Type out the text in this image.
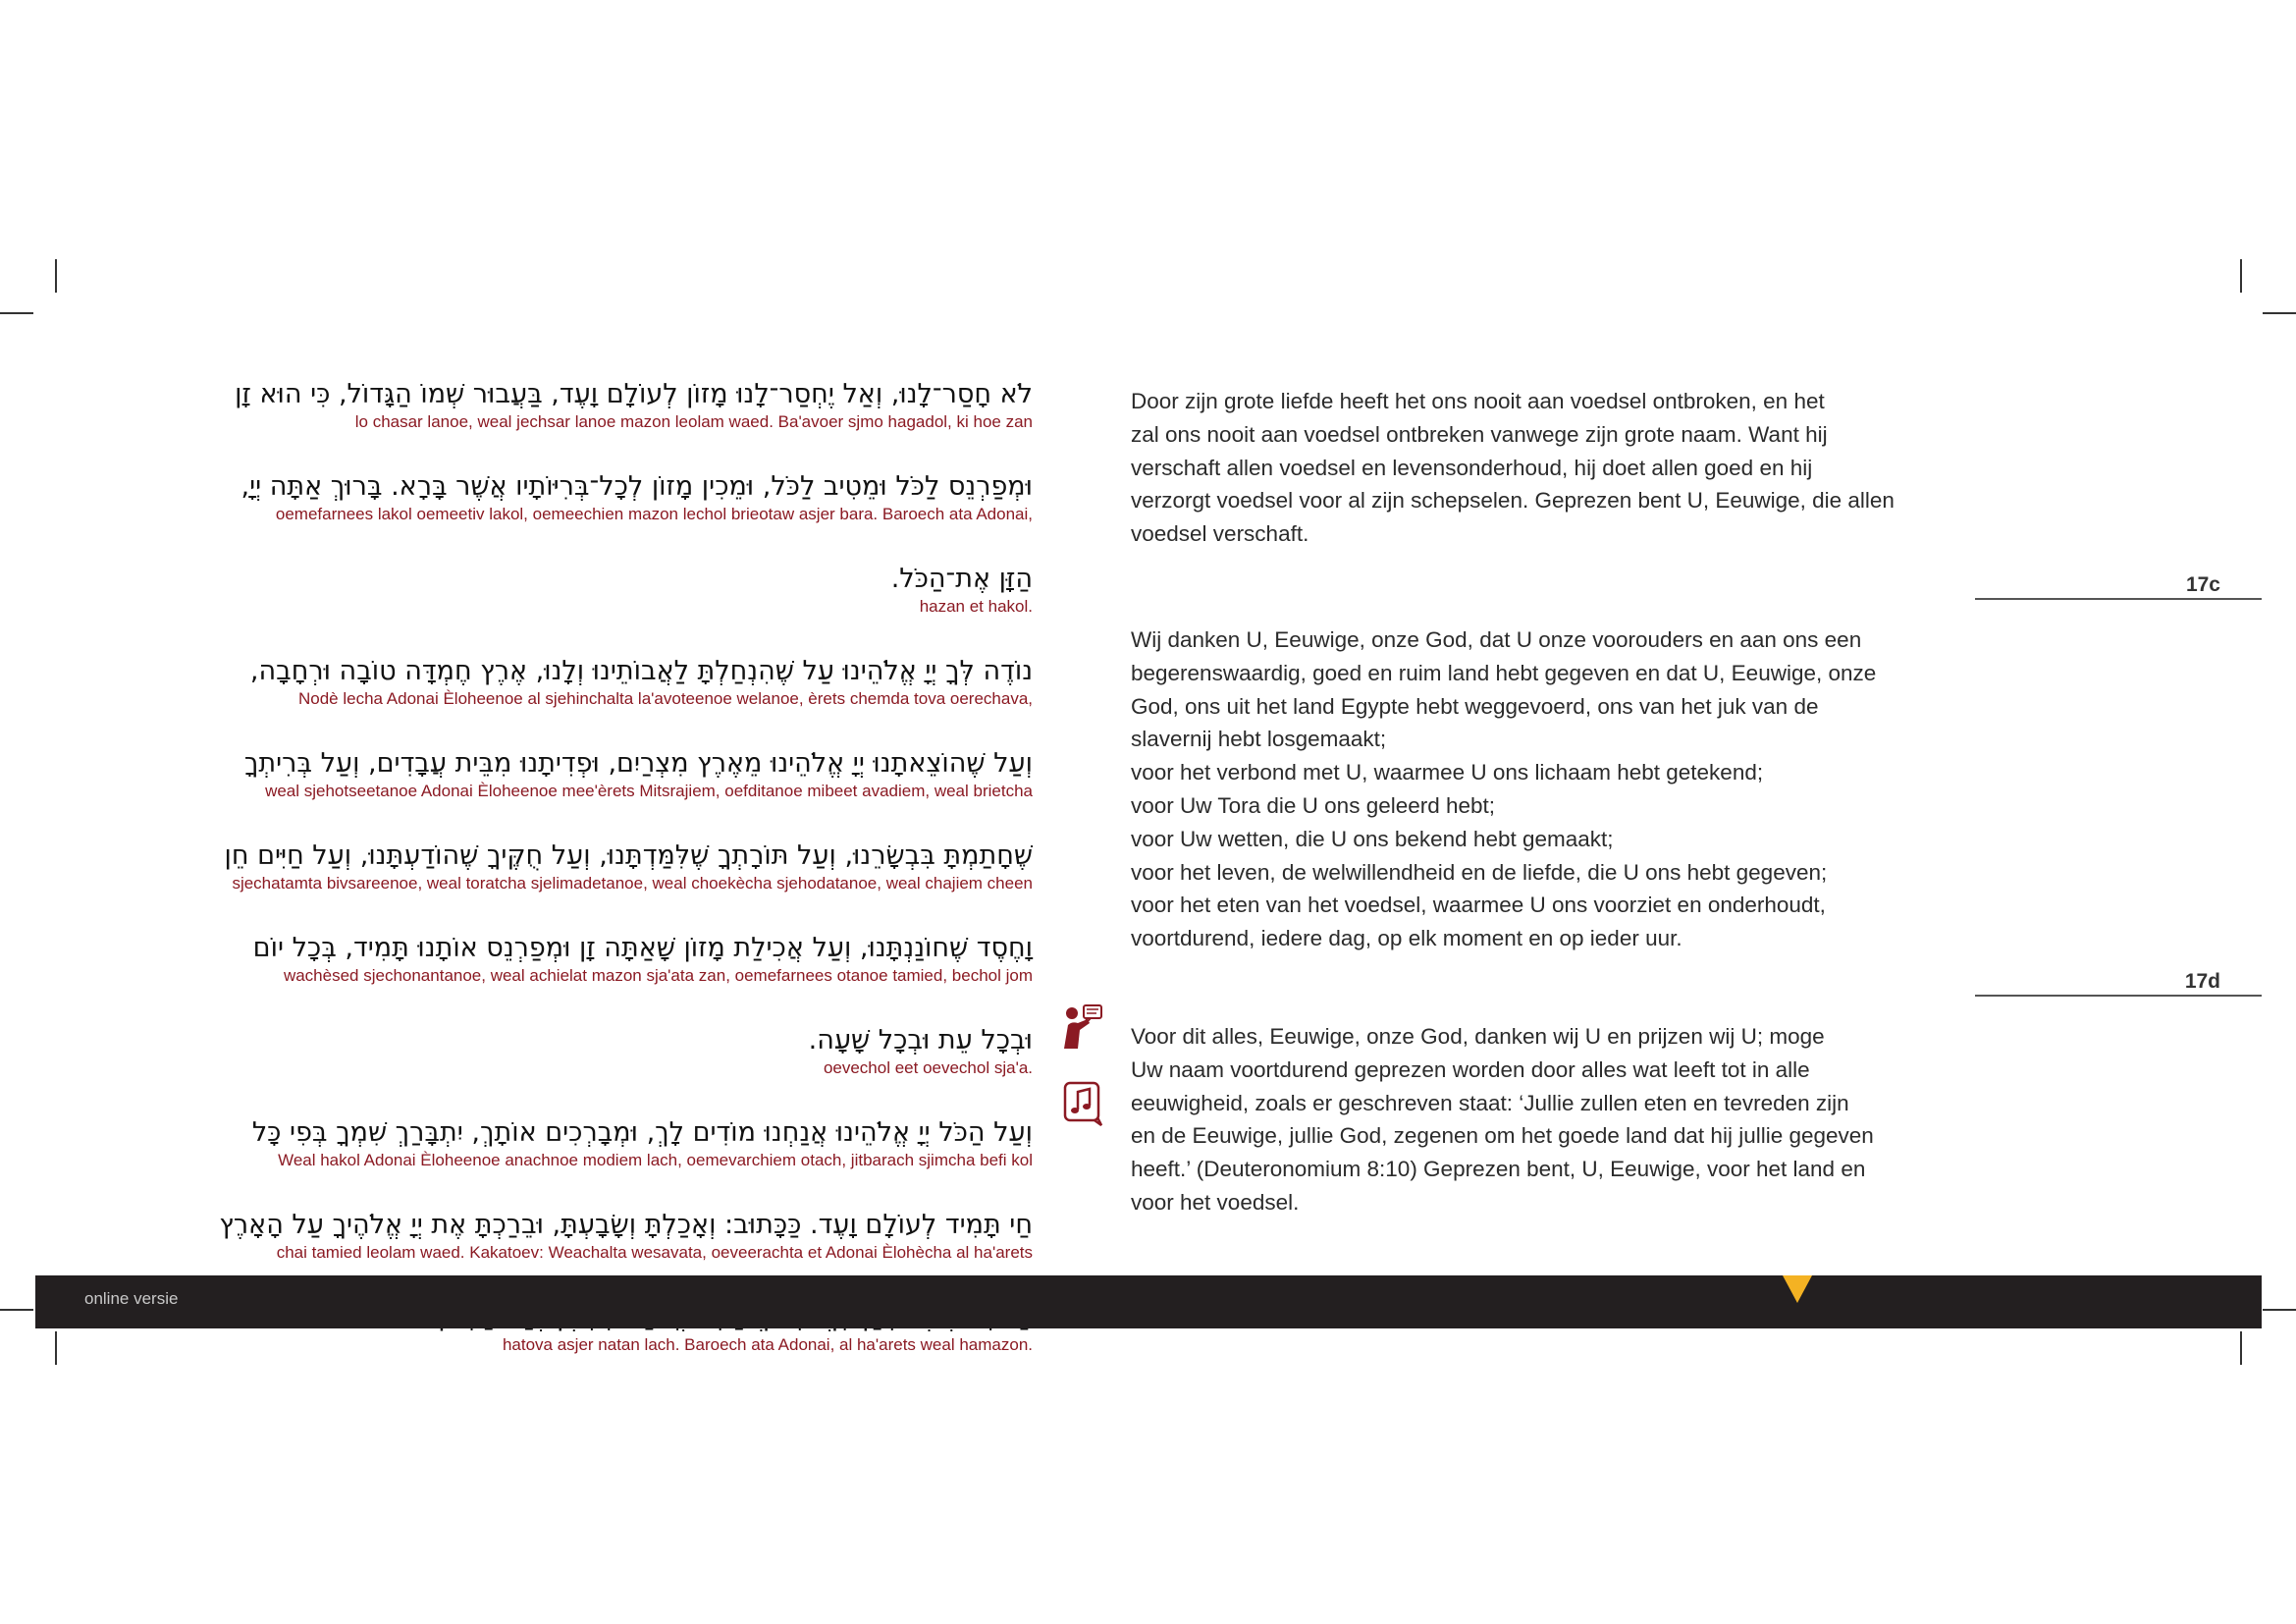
לֹא חָסַר־לָנוּ, וְאַל יֶחְסַר־לָנוּ מָזוֹן לְעוֹלָם וָעֶד, בַּעֲבוּר שְׁמוֹ הַגָּדוֹל, כִּי הוּא זָן
lo chasar lanoe, weal jechsar lanoe mazon leolam waed. Ba'avoer sjmo hagadol, ki hoe zan
וּמְפַרְנֵס לַכֹּל וּמֵטִיב לַכֹּל, וּמֵכִין מָזוֹן לְכָל־בְּרִיּוֹתָיו אֲשֶׁר בָּרָא. בָּרוּךְ אַתָּה יְיָ,
oemefarnees lakol oemeetiv lakol, oemeechien mazon lechol brieotaw asjer bara. Baroech ata Adonai,
הַזָּן אֶת־הַכֹּל.
hazan et hakol.
נוֹדֶה לְּךָ יְיָ אֱלֹהֵינוּ עַל שֶׁהִנְחַלְתָּ לַאֲבוֹתֵינוּ וְלָנוּ, אֶרֶץ חֶמְדָּה טוֹבָה וּרְחָבָה,
Nodè lecha Adonai Èloheenoe al sjehinchalta la'avoteenoe welanoe, èrets chemda tova oerechava,
וְעַל שֶׁהוֹצֵאתָנוּ יְיָ אֱלֹהֵינוּ מֵאֶרֶץ מִצְרַיִם, וּפְדִיתָנוּ מִבֵּית עֲבָדִים, וְעַל בְּרִיתְךָ
weal sjehotseetanoe Adonai Èloheenoe mee'èrets Mitsrajiem, oefditanoe mibeet avadiem, weal brietcha
שֶׁחָתַמְתָּ בִּבְשָׂרֵנוּ, וְעַל תּוֹרָתְךָ שֶׁלִּמַּדְתָּנוּ, וְעַל חֻקֶּיךָ שֶׁהוֹדַעְתָּנוּ, וְעַל חַיִּים חֵן
sjechatamta bivsareenoe, weal toratcha sjelimadetanoe, weal choekècha sjehodatanoe, weal chajiem cheen
וָחֶסֶד שֶׁחוֹנַנְתָּנוּ, וְעַל אֲכִילַת מָזוֹן שָׁאַתָּה זָן וּמְפַרְנֵס אוֹתָנוּ תָּמִיד, בְּכָל יוֹם
wachèsed sjechonantanoe, weal achielat mazon sja'ata zan, oemefarnees otanoe tamied, bechol jom
וּבְכָל עֵת וּבְכָל שָׁעָה.
oevechol eet oevechol sja'a.
וְעַל הַכֹּל יְיָ אֱלֹהֵינוּ אֲנַחְנוּ מוֹדִים לָךְ, וּמְבָרְכִים אוֹתָךְ, יִתְבָּרַךְ שִׁמְךָ בְּפִי כָּל
Weal hakol Adonai Èloheenoe anachnoe modiem lach, oemevarchiem otach, jitbarach sjimcha befi kol
חַי תָּמִיד לְעוֹלָם וָעֶד. כַּכָּתוּב: וְאָכַלְתָּ וְשָׂבָעְתָּ, וּבֵרַכְתָּ אֶת יְיָ אֱלֹהֶיךָ עַל הָאָרֶץ
chai tamied leolam waed. Kakatoev: Weachalta wesavata, oeveerachta et Adonai Èlohècha al ha'arets
hatova asjer natan lach. Baroech ata Adonai, al ha'arets weal hamazon.
Door zijn grote liefde heeft het ons nooit aan voedsel ontbroken, en het
zal ons nooit aan voedsel ontbreken vanwege zijn grote naam. Want hij
verschaft allen voedsel en levensonderhoud, hij doet allen goed en hij
verzorgt voedsel voor al zijn schepselen. Geprezen bent U, Eeuwige, die allen
voedsel verschaft.
Wij danken U, Eeuwige, onze God, dat U onze voorouders en aan ons een
begerenswaardig, goed en ruim land hebt gegeven en dat U, Eeuwige, onze
God, ons uit het land Egypte hebt weggevoerd, ons van het juk van de
slavernij hebt losgemaakt;
voor het verbond met U, waarmee U ons lichaam hebt getekend;
voor Uw Tora die U ons geleerd hebt;
voor Uw wetten, die U ons bekend hebt gemaakt;
voor het leven, de welwillendheid en de liefde, die U ons hebt gegeven;
voor het eten van het voedsel, waarmee U ons voorziet en onderhoudt,
voortdurend, iedere dag, op elk moment en op ieder uur.
Voor dit alles, Eeuwige, onze God, danken wij U en prijzen wij U; moge
Uw naam voortdurend geprezen worden door alles wat leeft tot in alle
eeuwigheid, zoals er geschreven staat: ‘Jullie zullen eten en tevreden zijn
en de Eeuwige, jullie God, zegenen om het goede land dat hij jullie gegeven
heeft.’ (Deuteronomium 8:10) Geprezen bent, U, Eeuwige, voor het land en
voor het voedsel.
17c
17d
online versie
